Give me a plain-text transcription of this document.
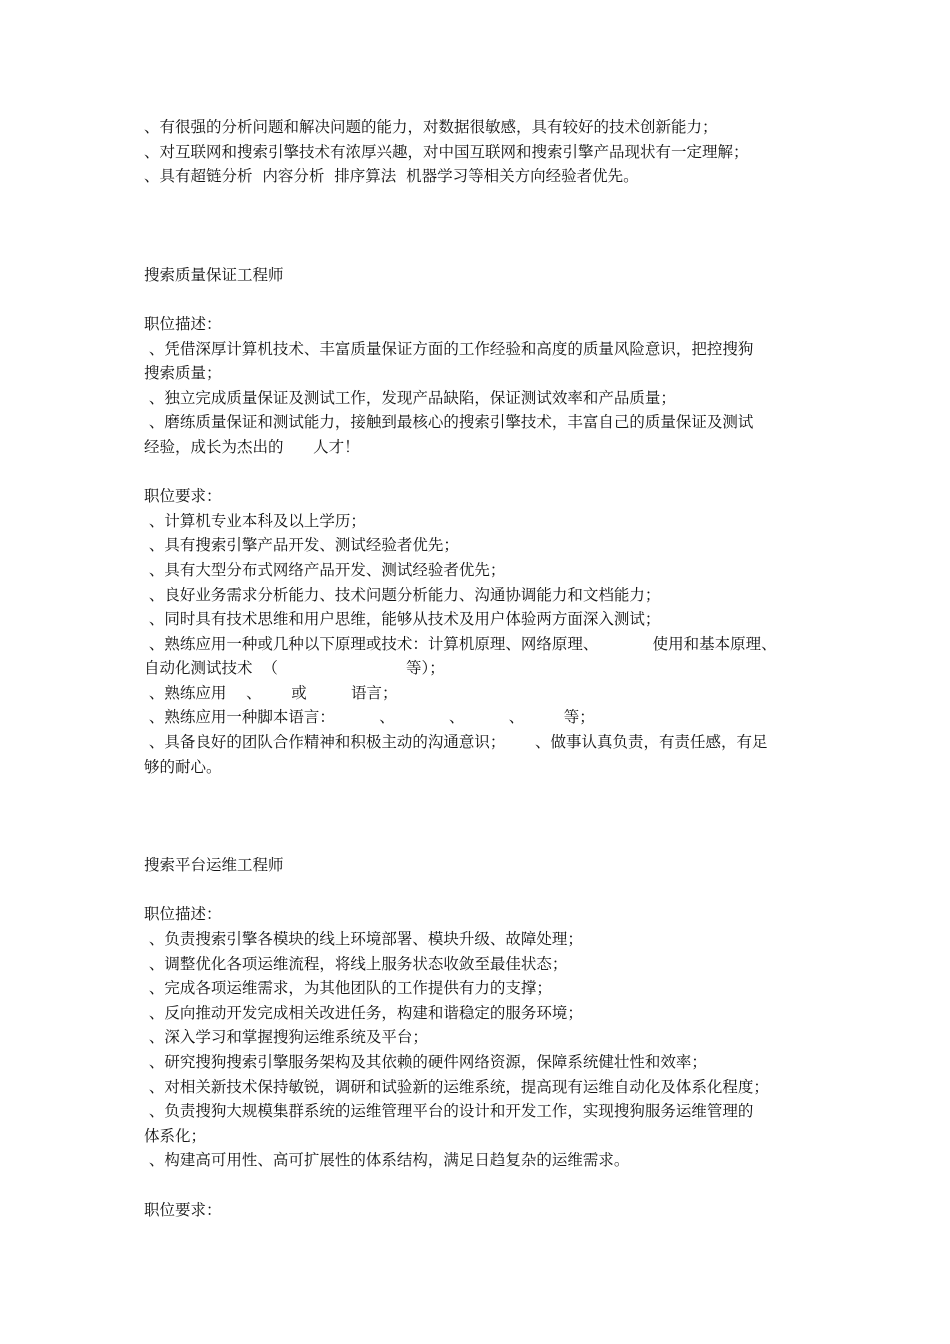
、有很强的分析问题和解决问题的能力，对数据很敏感，具有较好的技术创新能力；

、对互联网和搜索引擎技术有浓厚兴趣，对中国互联网和搜索引擎产品现状有一定理解；

、具有超链分析  内容分析  排序算法  机器学习等相关方向经验者优先。

搜索质量保证工程师

职位描述：

、凭借深厚计算机技术、丰富质量保证方面的工作经验和高度的质量风险意识，把控搜狗

搜索质量；

、独立完成质量保证及测试工作，发现产品缺陷，保证测试效率和产品质量；

、磨练质量保证和测试能力，接触到最核心的搜索引擎技术，丰富自己的质量保证及测试

经验，成长为杰出的      人才！

职位要求：

、计算机专业本科及以上学历；

、具有搜索引擎产品开发、测试经验者优先；

、具有大型分布式网络产品开发、测试经验者优先；

、良好业务需求分析能力、技术问题分析能力、沟通协调能力和文档能力；

、同时具有技术思维和用户思维，能够从技术及用户体验两方面深入测试；

、熟练应用一种或几种以下原理或技术：计算机原理、网络原理、           使用和基本原理、

自动化测试技术  （                          等）；

、熟练应用    、      或         语言；

、熟练应用一种脚本语言：         、           、         、        等；

、具备良好的团队合作精神和积极主动的沟通意识；      、做事认真负责，有责任感，有足

够的耐心。

搜索平台运维工程师

职位描述：

、负责搜索引擎各模块的线上环境部署、模块升级、故障处理；

、调整优化各项运维流程，将线上服务状态收敛至最佳状态；

、完成各项运维需求，为其他团队的工作提供有力的支撑；

、反向推动开发完成相关改进任务，构建和谐稳定的服务环境；

、深入学习和掌握搜狗运维系统及平台；

、研究搜狗搜索引擎服务架构及其依赖的硬件网络资源，保障系统健壮性和效率；

、对相关新技术保持敏锐，调研和试验新的运维系统，提高现有运维自动化及体系化程度；

、负责搜狗大规模集群系统的运维管理平台的设计和开发工作，实现搜狗服务运维管理的

体系化；

、构建高可用性、高可扩展性的体系结构，满足日趋复杂的运维需求。

职位要求：
